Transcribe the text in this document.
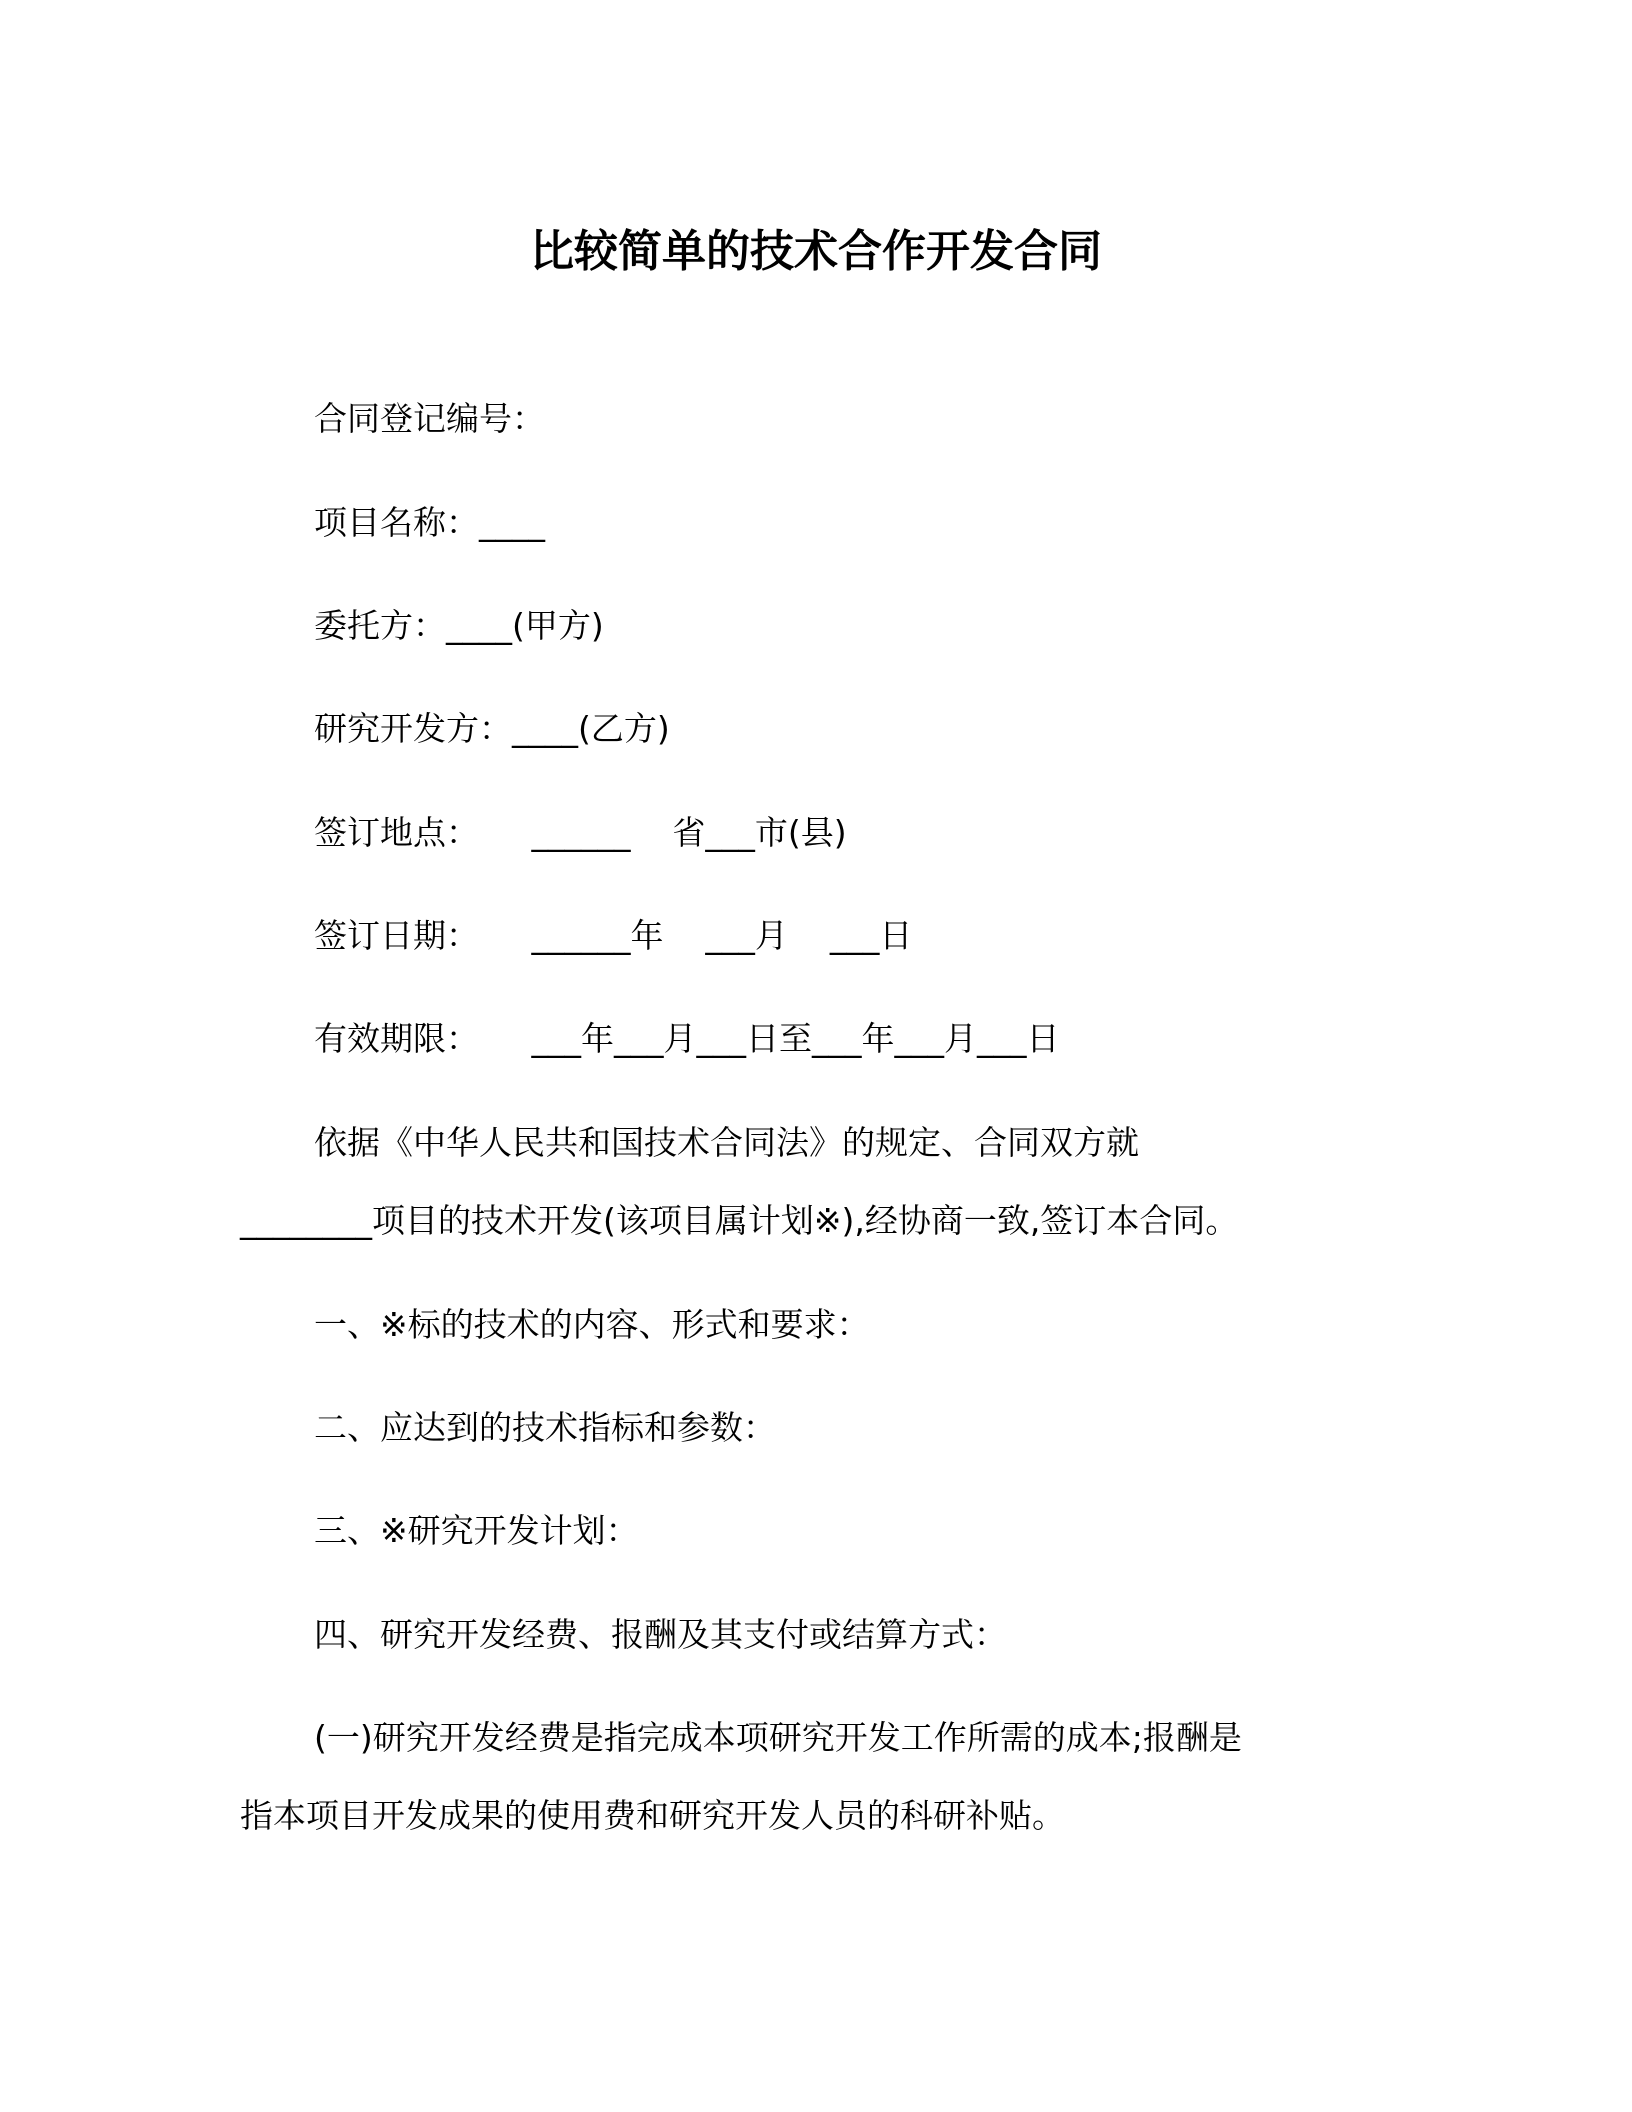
比较简单的技术合作开发合同

合同登记编号：

项目名称：____

委托方：____(甲方)

研究开发方：____(乙方)

签订地点：     ______    省___市(县)

签订日期：     ______年    ___月    ___日

有效期限：     ___年___月___日至___年___月___日

依据《中华人民共和国技术合同法》的规定、合同双方就

________项目的技术开发(该项目属计划※),经协商一致,签订本合同。

一、※标的技术的内容、形式和要求：

二、应达到的技术指标和参数：

三、※研究开发计划：

四、研究开发经费、报酬及其支付或结算方式：

(一)研究开发经费是指完成本项研究开发工作所需的成本;报酬是

指本项目开发成果的使用费和研究开发人员的科研补贴。
